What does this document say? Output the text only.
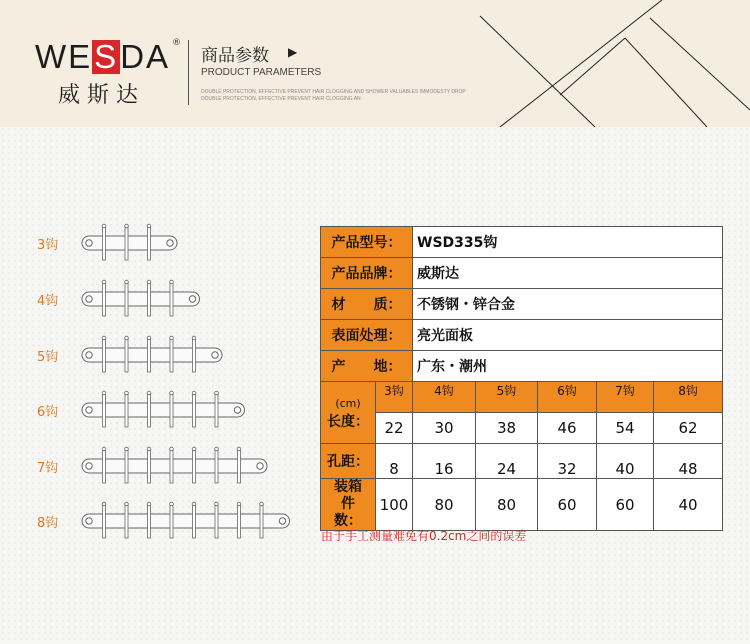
WESDA ®
威斯达
商品参数 ▶
PRODUCT PARAMETERS
DOUBLE PROTECTION, EFFECTIVE PREVENT HAIR CLOGGING AND SHOWER VALUABLES IMMODESTY DROP
DOUBLE PROTECTION, EFFECTIVE PREVENT HAIR CLOGGING AN
3钩
4钩
5钩
6钩
7钩
8钩
产品型号：		WSD335钩				
产品品牌：		威斯达				
材　　质：		不锈钢・锌合金				
表面处理：		亮光面板				
产　　地：		广东・潮州				

(cm)
长度：	3钩	4钩	5钩	6钩	7钩	8钩
	22	30	38	46	54	62
孔距：	8	16	24	32	40	48
装箱件数：	100	80	80	60	60	40
由于手工测量难免有0.2cm之间的误差
